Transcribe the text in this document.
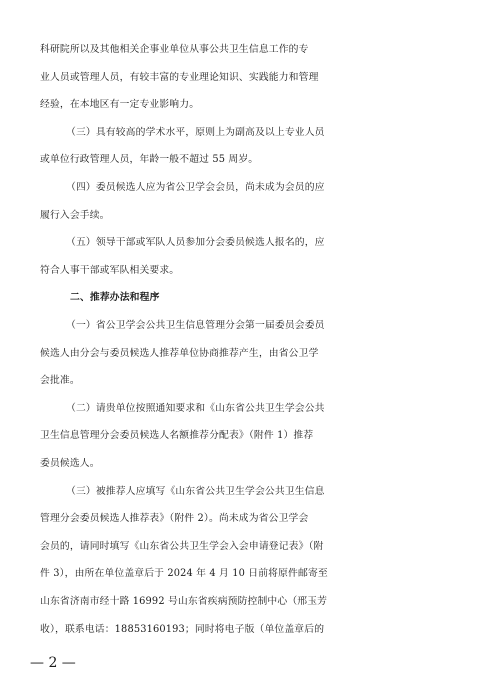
科研院所以及其他相关企事业单位从事公共卫生信息工作的专
业人员或管理人员，有较丰富的专业理论知识、实践能力和管理
经验，在本地区有一定专业影响力。
（三）具有较高的学术水平，原则上为副高及以上专业人员
或单位行政管理人员，年龄一般不超过 55 周岁。
（四）委员候选人应为省公卫学会会员，尚未成为会员的应
履行入会手续。
（五）领导干部或军队人员参加分会委员候选人报名的，应
符合人事干部或军队相关要求。
二、推荐办法和程序
（一）省公卫学会公共卫生信息管理分会第一届委员会委员
候选人由分会与委员候选人推荐单位协商推荐产生，由省公卫学
会批准。
（二）请贵单位按照通知要求和《山东省公共卫生学会公共
卫生信息管理分会委员候选人名额推荐分配表》（附件 1）推荐
委员候选人。
（三）被推荐人应填写《山东省公共卫生学会公共卫生信息
管理分会委员候选人推荐表》（附件 2）。尚未成为省公卫学会
会员的，请同时填写《山东省公共卫生学会入会申请登记表》（附
件 3），由所在单位盖章后于 2024 年 4 月 10 日前将原件邮寄至
山东省济南市经十路 16992 号山东省疾病预防控制中心（邢玉芳
收），联系电话：18853160193；同时将电子版（单位盖章后的
— 2 —
